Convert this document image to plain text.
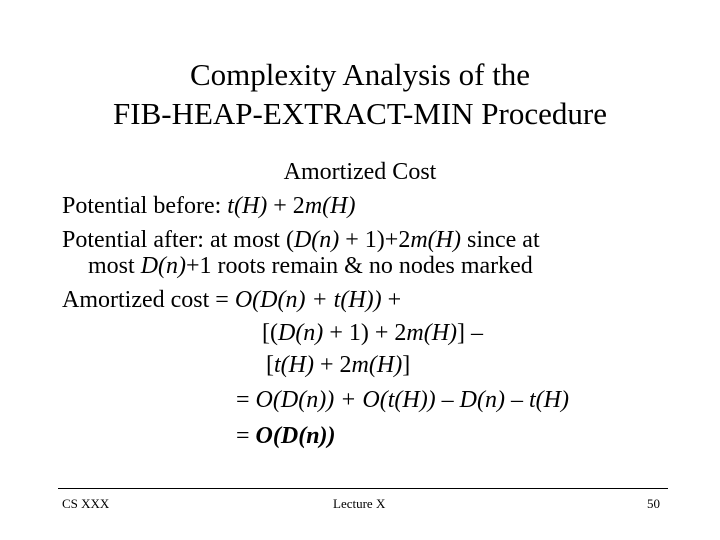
Complexity Analysis of the
FIB-HEAP-EXTRACT-MIN Procedure
Amortized Cost
Potential before: t(H) + 2m(H)
Potential after: at most (D(n) + 1)+2m(H) since at
most D(n)+1 roots remain & no nodes marked
Amortized cost = O(D(n) + t(H)) +
[(D(n) + 1) + 2m(H)] –
[t(H) + 2m(H)]
= O(D(n)) + O(t(H)) – D(n) – t(H)
= O(D(n))
CS XXX	Lecture X	50
